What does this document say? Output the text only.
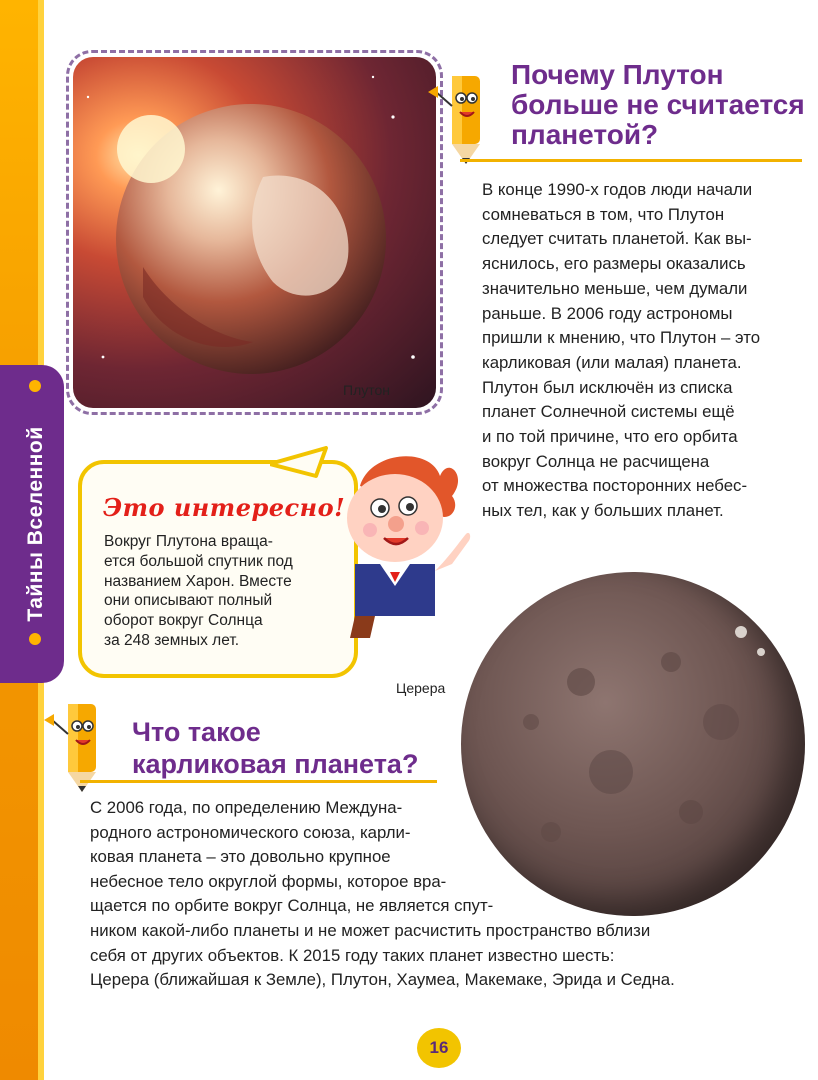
Тайны Вселенной
Плутон
Почему Плутон
больше не считается
планетой?
В конце 1990-х годов люди начали
сомневаться в том, что Плутон
следует считать планетой. Как вы-
яснилось, его размеры оказались
значительно меньше, чем думали
раньше. В 2006 году астрономы
пришли к мнению, что Плутон – это
карликовая (или малая) планета.
Плутон был исключён из списка
планет Солнечной системы ещё
и по той причине, что его орбита
вокруг Солнца не расчищена
от множества посторонних небес-
ных тел, как у больших планет.
Это интересно!
Вокруг Плутона враща-
ется большой спутник под
названием Харон. Вместе
они описывают полный
оборот вокруг Солнца
за 248 земных лет.
Церера
Что такое
карликовая планета?
С 2006 года, по определению Междуна-
родного астрономического союза, карли-
ковая планета – это довольно крупное
небесное тело округлой формы, которое вра-
щается по орбите вокруг Солнца, не является спут-
ником какой-либо планеты и не может расчистить пространство вблизи
себя от других объектов. К 2015 году таких планет известно шесть:
Церера (ближайшая к Земле), Плутон, Хаумеа, Макемаке, Эрида и Седна.
16
